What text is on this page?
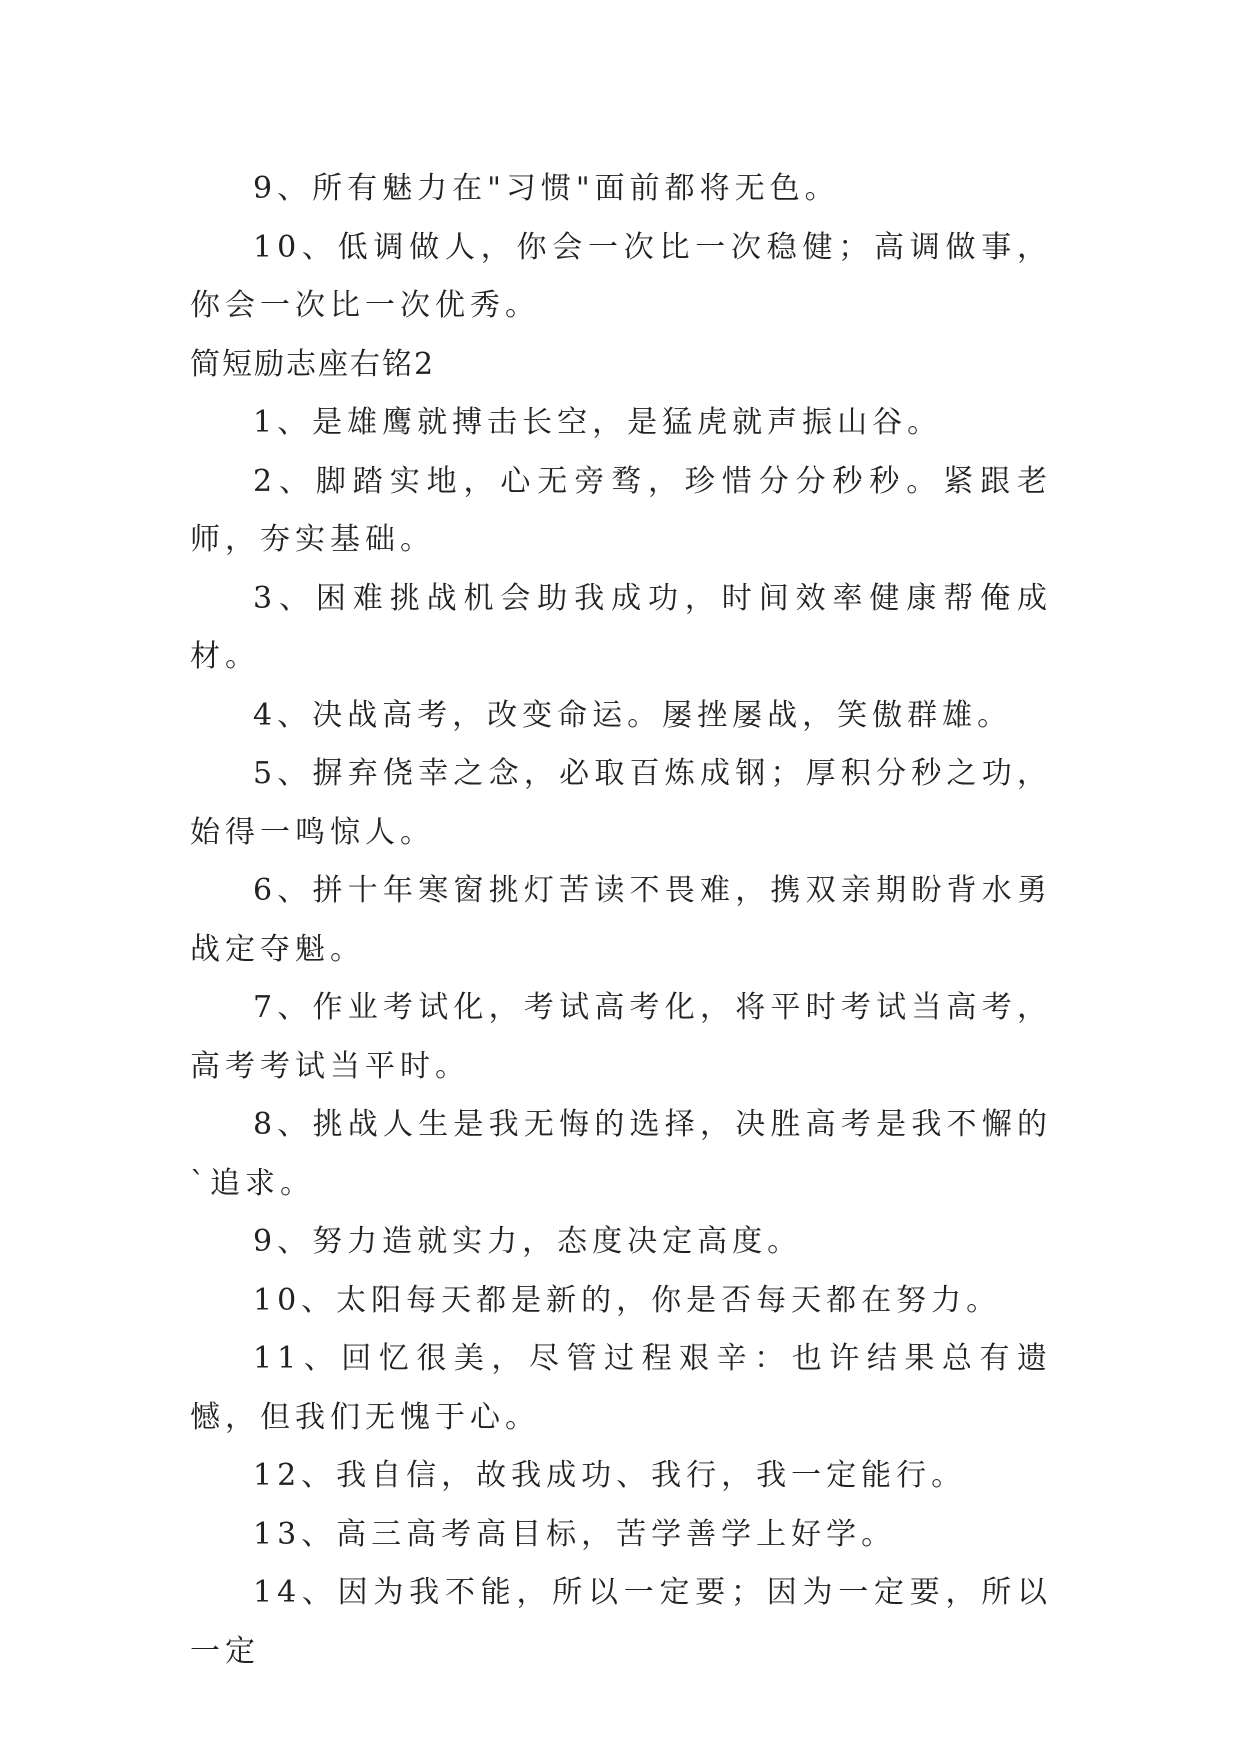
9、所有魅力在"习惯"面前都将无色。

10、低调做人，你会一次比一次稳健；高调做事，你会一次比一次优秀。

简短励志座右铭2

1、是雄鹰就搏击长空，是猛虎就声振山谷。

2、脚踏实地，心无旁骛，珍惜分分秒秒。紧跟老师，夯实基础。

3、困难挑战机会助我成功，时间效率健康帮俺成材。

4、决战高考，改变命运。屡挫屡战，笑傲群雄。

5、摒弃侥幸之念，必取百炼成钢；厚积分秒之功，始得一鸣惊人。

6、拼十年寒窗挑灯苦读不畏难，携双亲期盼背水勇战定夺魁。

7、作业考试化，考试高考化，将平时考试当高考，高考考试当平时。

8、挑战人生是我无悔的选择，决胜高考是我不懈的`追求。

9、努力造就实力，态度决定高度。

10、太阳每天都是新的，你是否每天都在努力。

11、回忆很美，尽管过程艰辛：也许结果总有遗憾，但我们无愧于心。

12、我自信，故我成功、我行，我一定能行。

13、高三高考高目标，苦学善学上好学。

14、因为我不能，所以一定要；因为一定要，所以一定
